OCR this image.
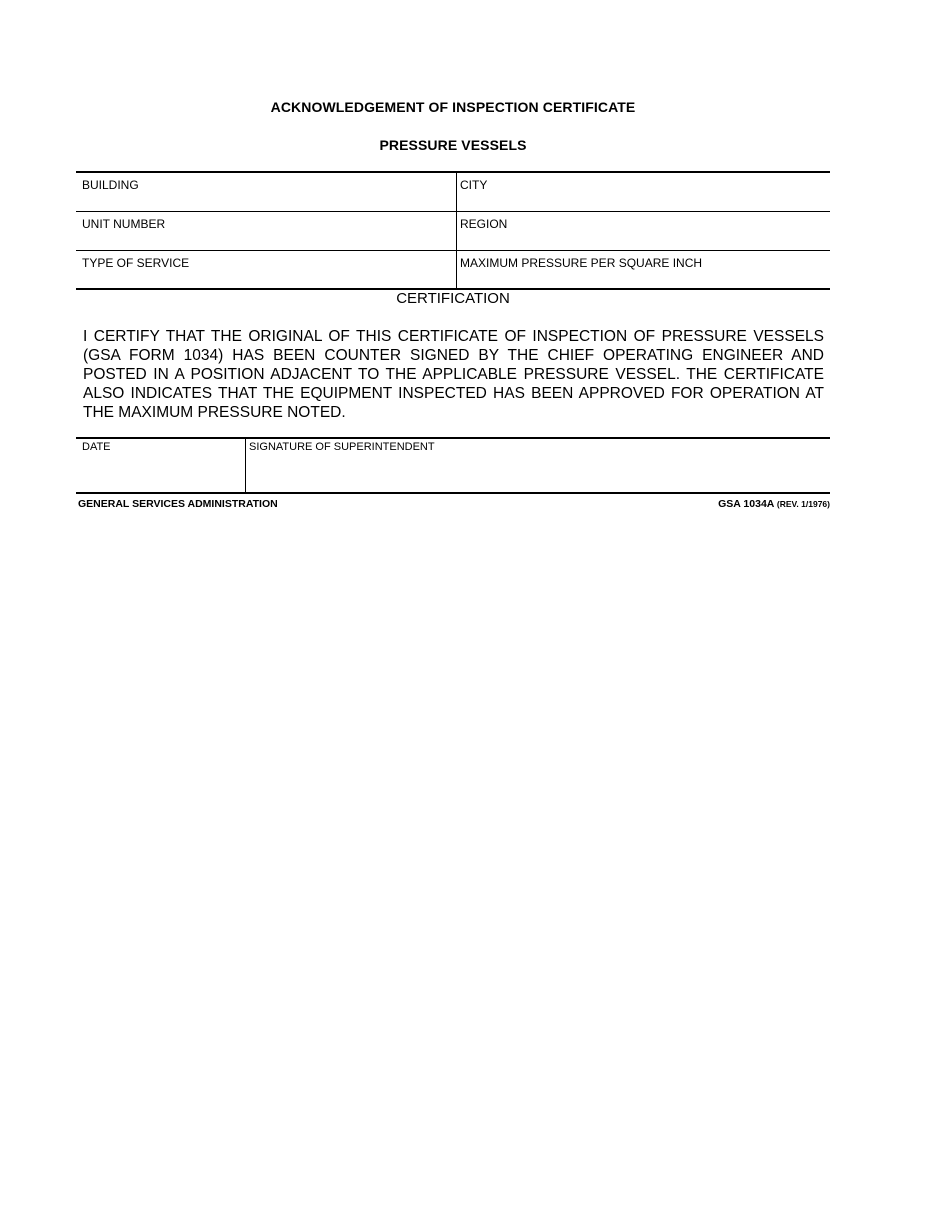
ACKNOWLEDGEMENT OF INSPECTION CERTIFICATE
PRESSURE VESSELS
BUILDING	CITY
UNIT NUMBER	REGION
TYPE OF SERVICE	MAXIMUM PRESSURE PER SQUARE INCH
CERTIFICATION
I CERTIFY THAT THE ORIGINAL OF THIS CERTIFICATE OF INSPECTION OF PRESSURE VESSELS (GSA FORM 1034) HAS BEEN COUNTER SIGNED BY THE CHIEF OPERATING ENGINEER AND POSTED IN A POSITION ADJACENT TO THE APPLICABLE PRESSURE VESSEL. THE CERTIFICATE ALSO INDICATES THAT THE EQUIPMENT INSPECTED HAS BEEN APPROVED FOR OPERATION AT THE MAXIMUM PRESSURE NOTED.
DATE	SIGNATURE OF SUPERINTENDENT
GENERAL SERVICES ADMINISTRATION	GSA 1034A (REV. 1/1976)
